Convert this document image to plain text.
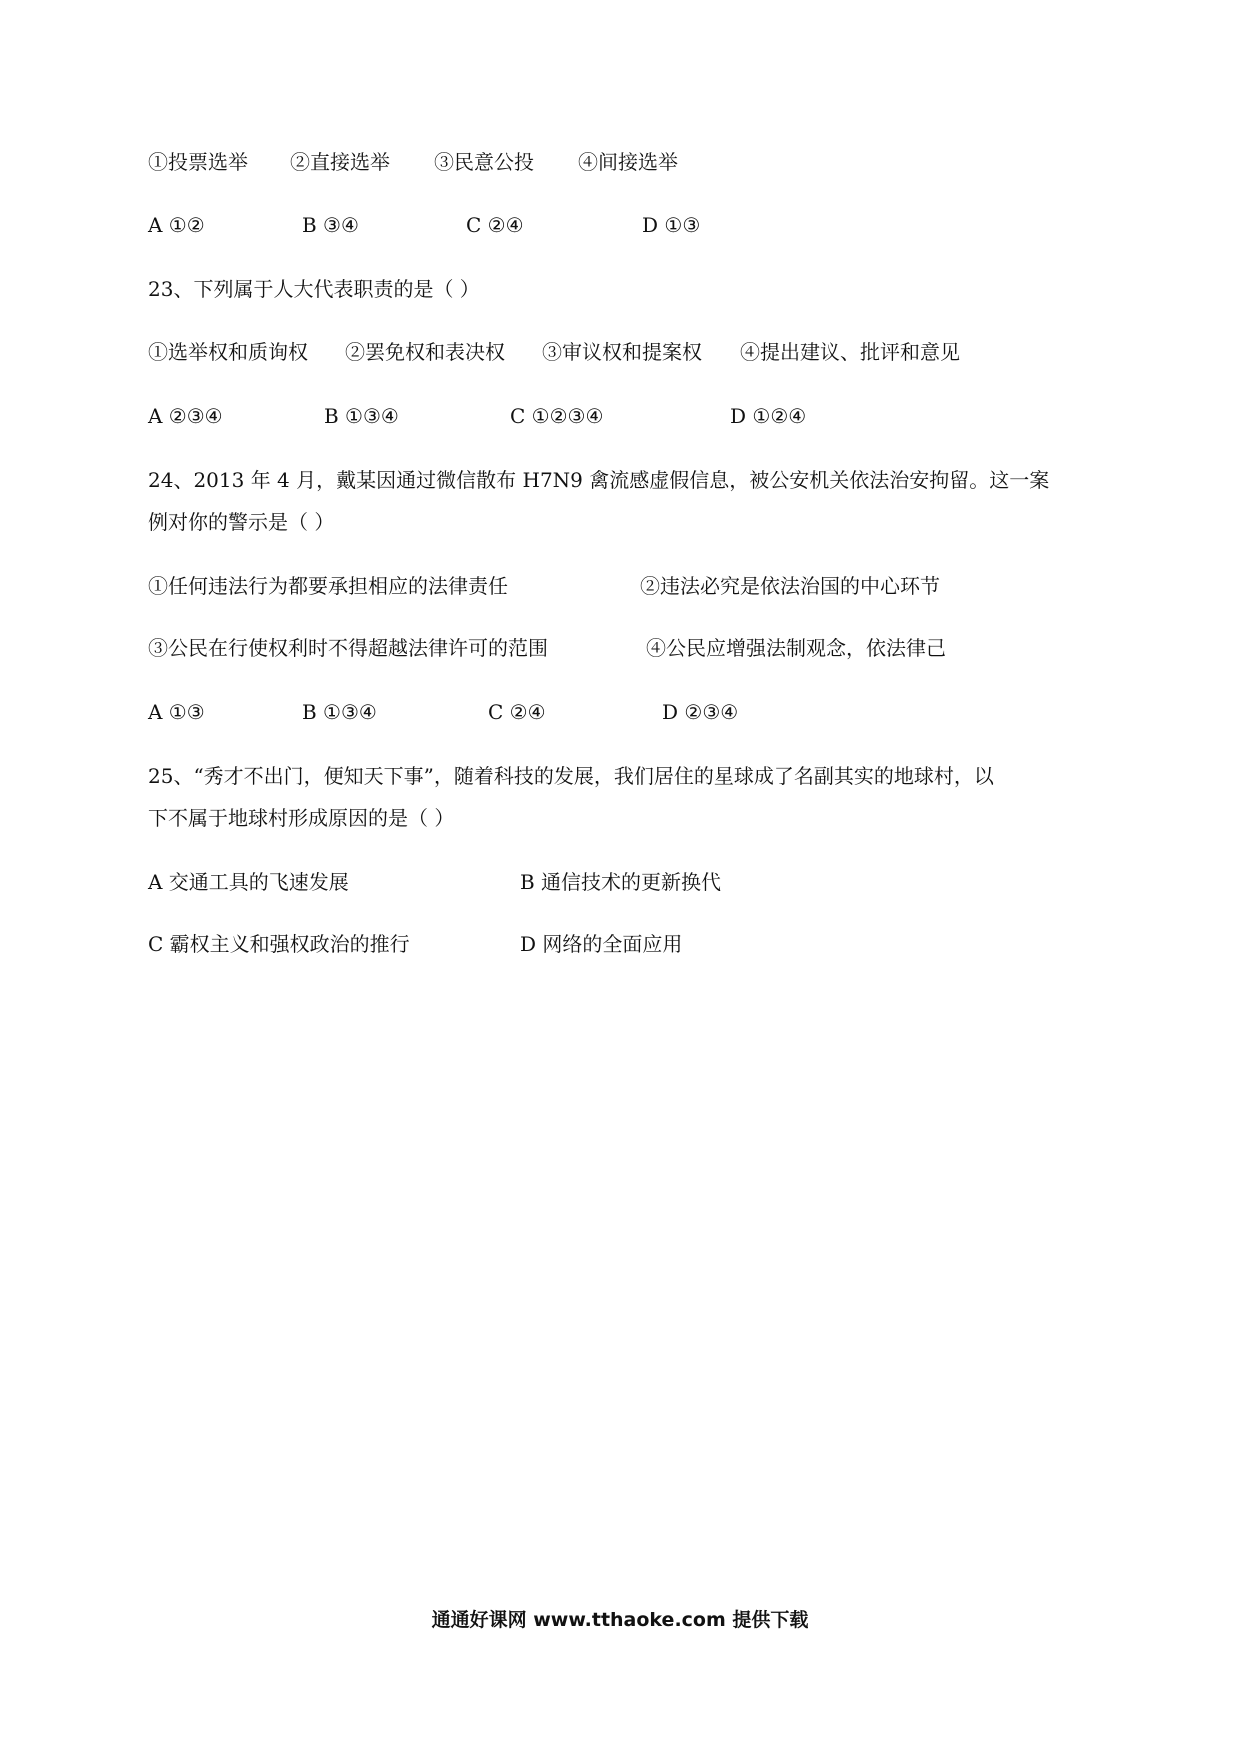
①投票选举 ②直接选举 ③民意公投 ④间接选举
A ①②	B ③④	C ②④	D ①③
23、下列属于人大代表职责的是（ ）
①选举权和质询权 ②罢免权和表决权 ③审议权和提案权 ④提出建议、批评和意见
A ②③④	B ①③④	C ①②③④	D ①②④
24、2013 年 4 月，戴某因通过微信散布 H7N9 禽流感虚假信息，被公安机关依法治安拘留。这一案
例对你的警示是（ ）
①任何违法行为都要承担相应的法律责任	②违法必究是依法治国的中心环节
③公民在行使权利时不得超越法律许可的范围	④公民应增强法制观念，依法律己
A ①③	B ①③④	C ②④	D ②③④
25、“秀才不出门，便知天下事”，随着科技的发展，我们居住的星球成了名副其实的地球村，以
下不属于地球村形成原因的是（ ）
A 交通工具的飞速发展	B 通信技术的更新换代
C 霸权主义和强权政治的推行	D 网络的全面应用
通通好课网 www.tthaoke.com 提供下载
